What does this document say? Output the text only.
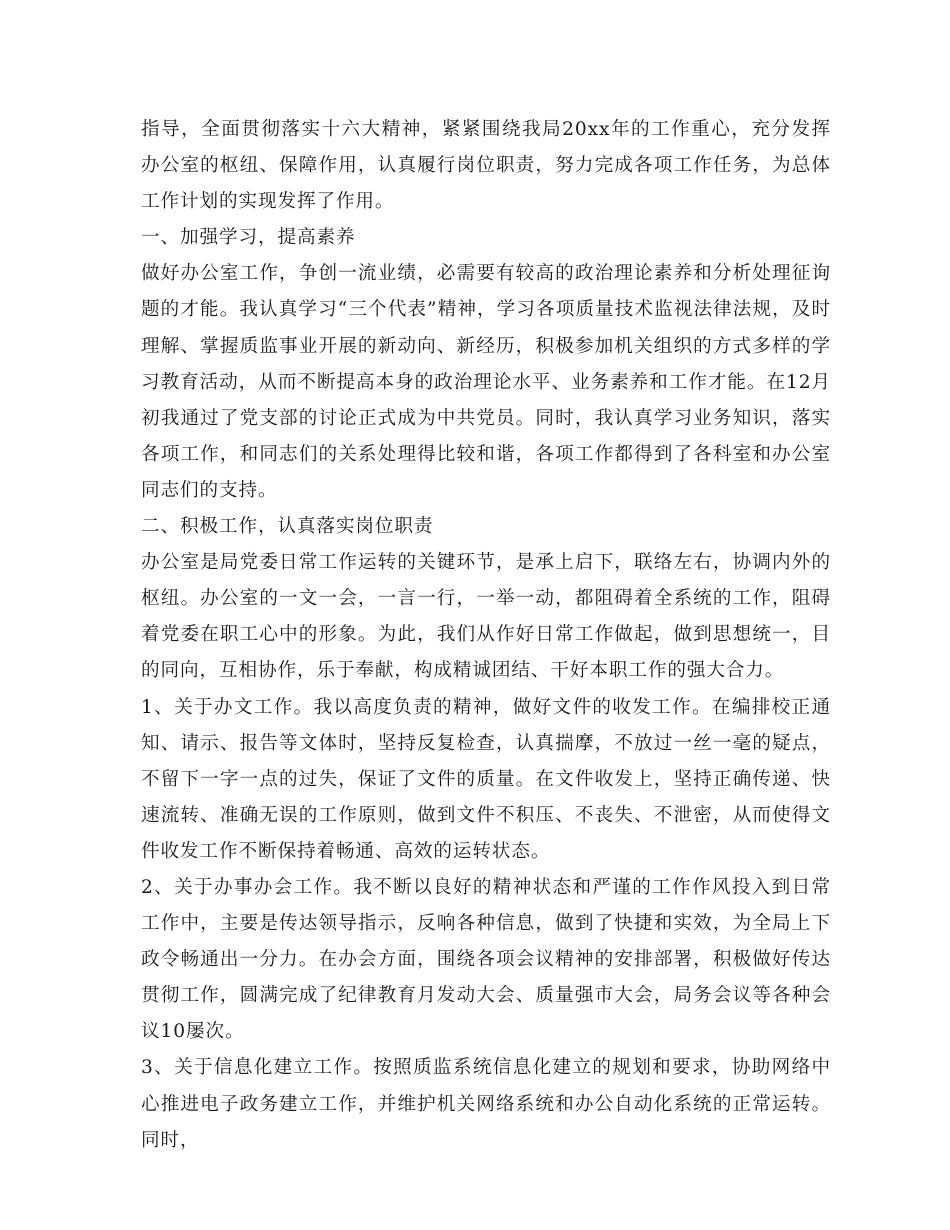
指导，全面贯彻落实十六大精神，紧紧围绕我局20xx年的工作重心，充分发挥办公室的枢纽、保障作用，认真履行岗位职责，努力完成各项工作任务，为总体工作计划的实现发挥了作用。

一、加强学习，提高素养

做好办公室工作，争创一流业绩，必需要有较高的政治理论素养和分析处理征询题的才能。我认真学习“三个代表”精神，学习各项质量技术监视法律法规，及时理解、掌握质监事业开展的新动向、新经历，积极参加机关组织的方式多样的学习教育活动，从而不断提高本身的政治理论水平、业务素养和工作才能。在12月初我通过了党支部的讨论正式成为中共党员。同时，我认真学习业务知识，落实各项工作，和同志们的关系处理得比较和谐，各项工作都得到了各科室和办公室同志们的支持。

二、积极工作，认真落实岗位职责

办公室是局党委日常工作运转的关键环节，是承上启下，联络左右，协调内外的枢纽。办公室的一文一会，一言一行，一举一动，都阻碍着全系统的工作，阻碍着党委在职工心中的形象。为此，我们从作好日常工作做起，做到思想统一，目的同向，互相协作，乐于奉献，构成精诚团结、干好本职工作的强大合力。

1、关于办文工作。我以高度负责的精神，做好文件的收发工作。在编排校正通知、请示、报告等文体时，坚持反复检查，认真揣摩，不放过一丝一毫的疑点，不留下一字一点的过失，保证了文件的质量。在文件收发上，坚持正确传递、快速流转、准确无误的工作原则，做到文件不积压、不丧失、不泄密，从而使得文件收发工作不断保持着畅通、高效的运转状态。

2、关于办事办会工作。我不断以良好的精神状态和严谨的工作作风投入到日常工作中，主要是传达领导指示，反响各种信息，做到了快捷和实效，为全局上下政令畅通出一分力。在办会方面，围绕各项会议精神的安排部署，积极做好传达贯彻工作，圆满完成了纪律教育月发动大会、质量强市大会，局务会议等各种会议10屡次。

3、关于信息化建立工作。按照质监系统信息化建立的规划和要求，协助网络中心推进电子政务建立工作，并维护机关网络系统和办公自动化系统的正常运转。同时，
